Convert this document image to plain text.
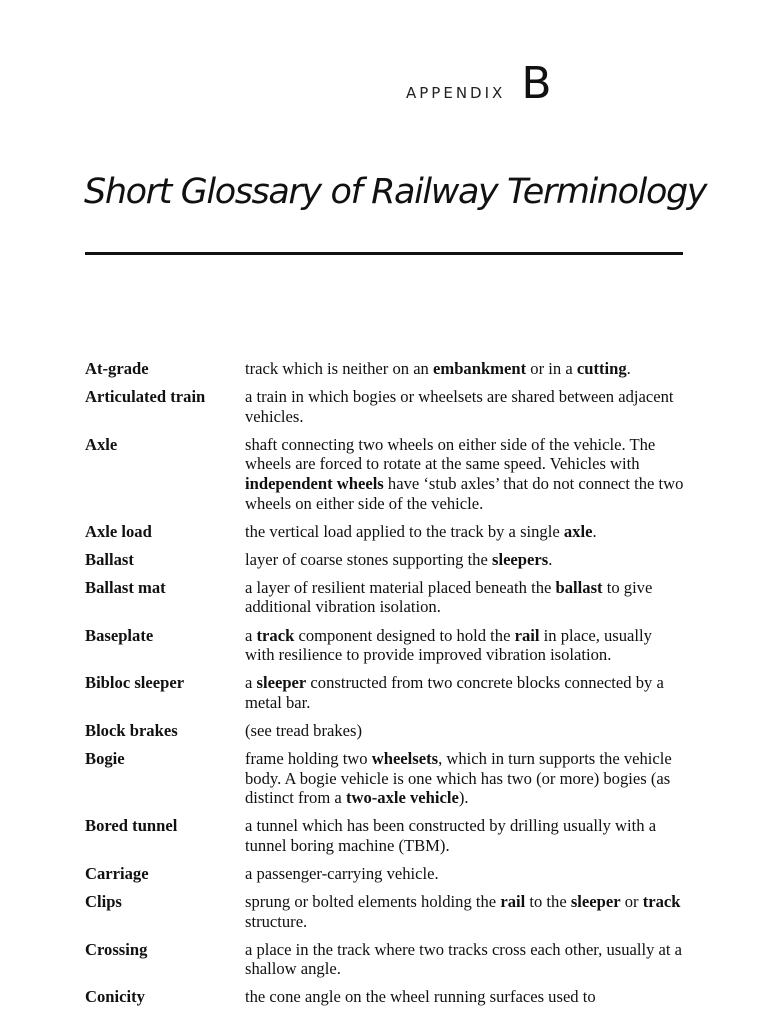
APPENDIX B
Short Glossary of Railway Terminology
At-grade	track which is neither on an embankment or in a cutting.
Articulated train	a train in which bogies or wheelsets are shared between adjacent vehicles.
Axle	shaft connecting two wheels on either side of the vehicle. The wheels are forced to rotate at the same speed. Vehicles with independent wheels have ‘stub axles’ that do not connect the two wheels on either side of the vehicle.
Axle load	the vertical load applied to the track by a single axle.
Ballast	layer of coarse stones supporting the sleepers.
Ballast mat	a layer of resilient material placed beneath the ballast to give additional vibration isolation.
Baseplate	a track component designed to hold the rail in place, usually with resilience to provide improved vibration isolation.
Bibloc sleeper	a sleeper constructed from two concrete blocks connected by a metal bar.
Block brakes	(see tread brakes)
Bogie	frame holding two wheelsets, which in turn supports the vehicle body. A bogie vehicle is one which has two (or more) bogies (as distinct from a two-axle vehicle).
Bored tunnel	a tunnel which has been constructed by drilling usually with a tunnel boring machine (TBM).
Carriage	a passenger-carrying vehicle.
Clips	sprung or bolted elements holding the rail to the sleeper or track structure.
Crossing	a place in the track where two tracks cross each other, usually at a shallow angle.
Conicity	the cone angle on the wheel running surfaces used to
